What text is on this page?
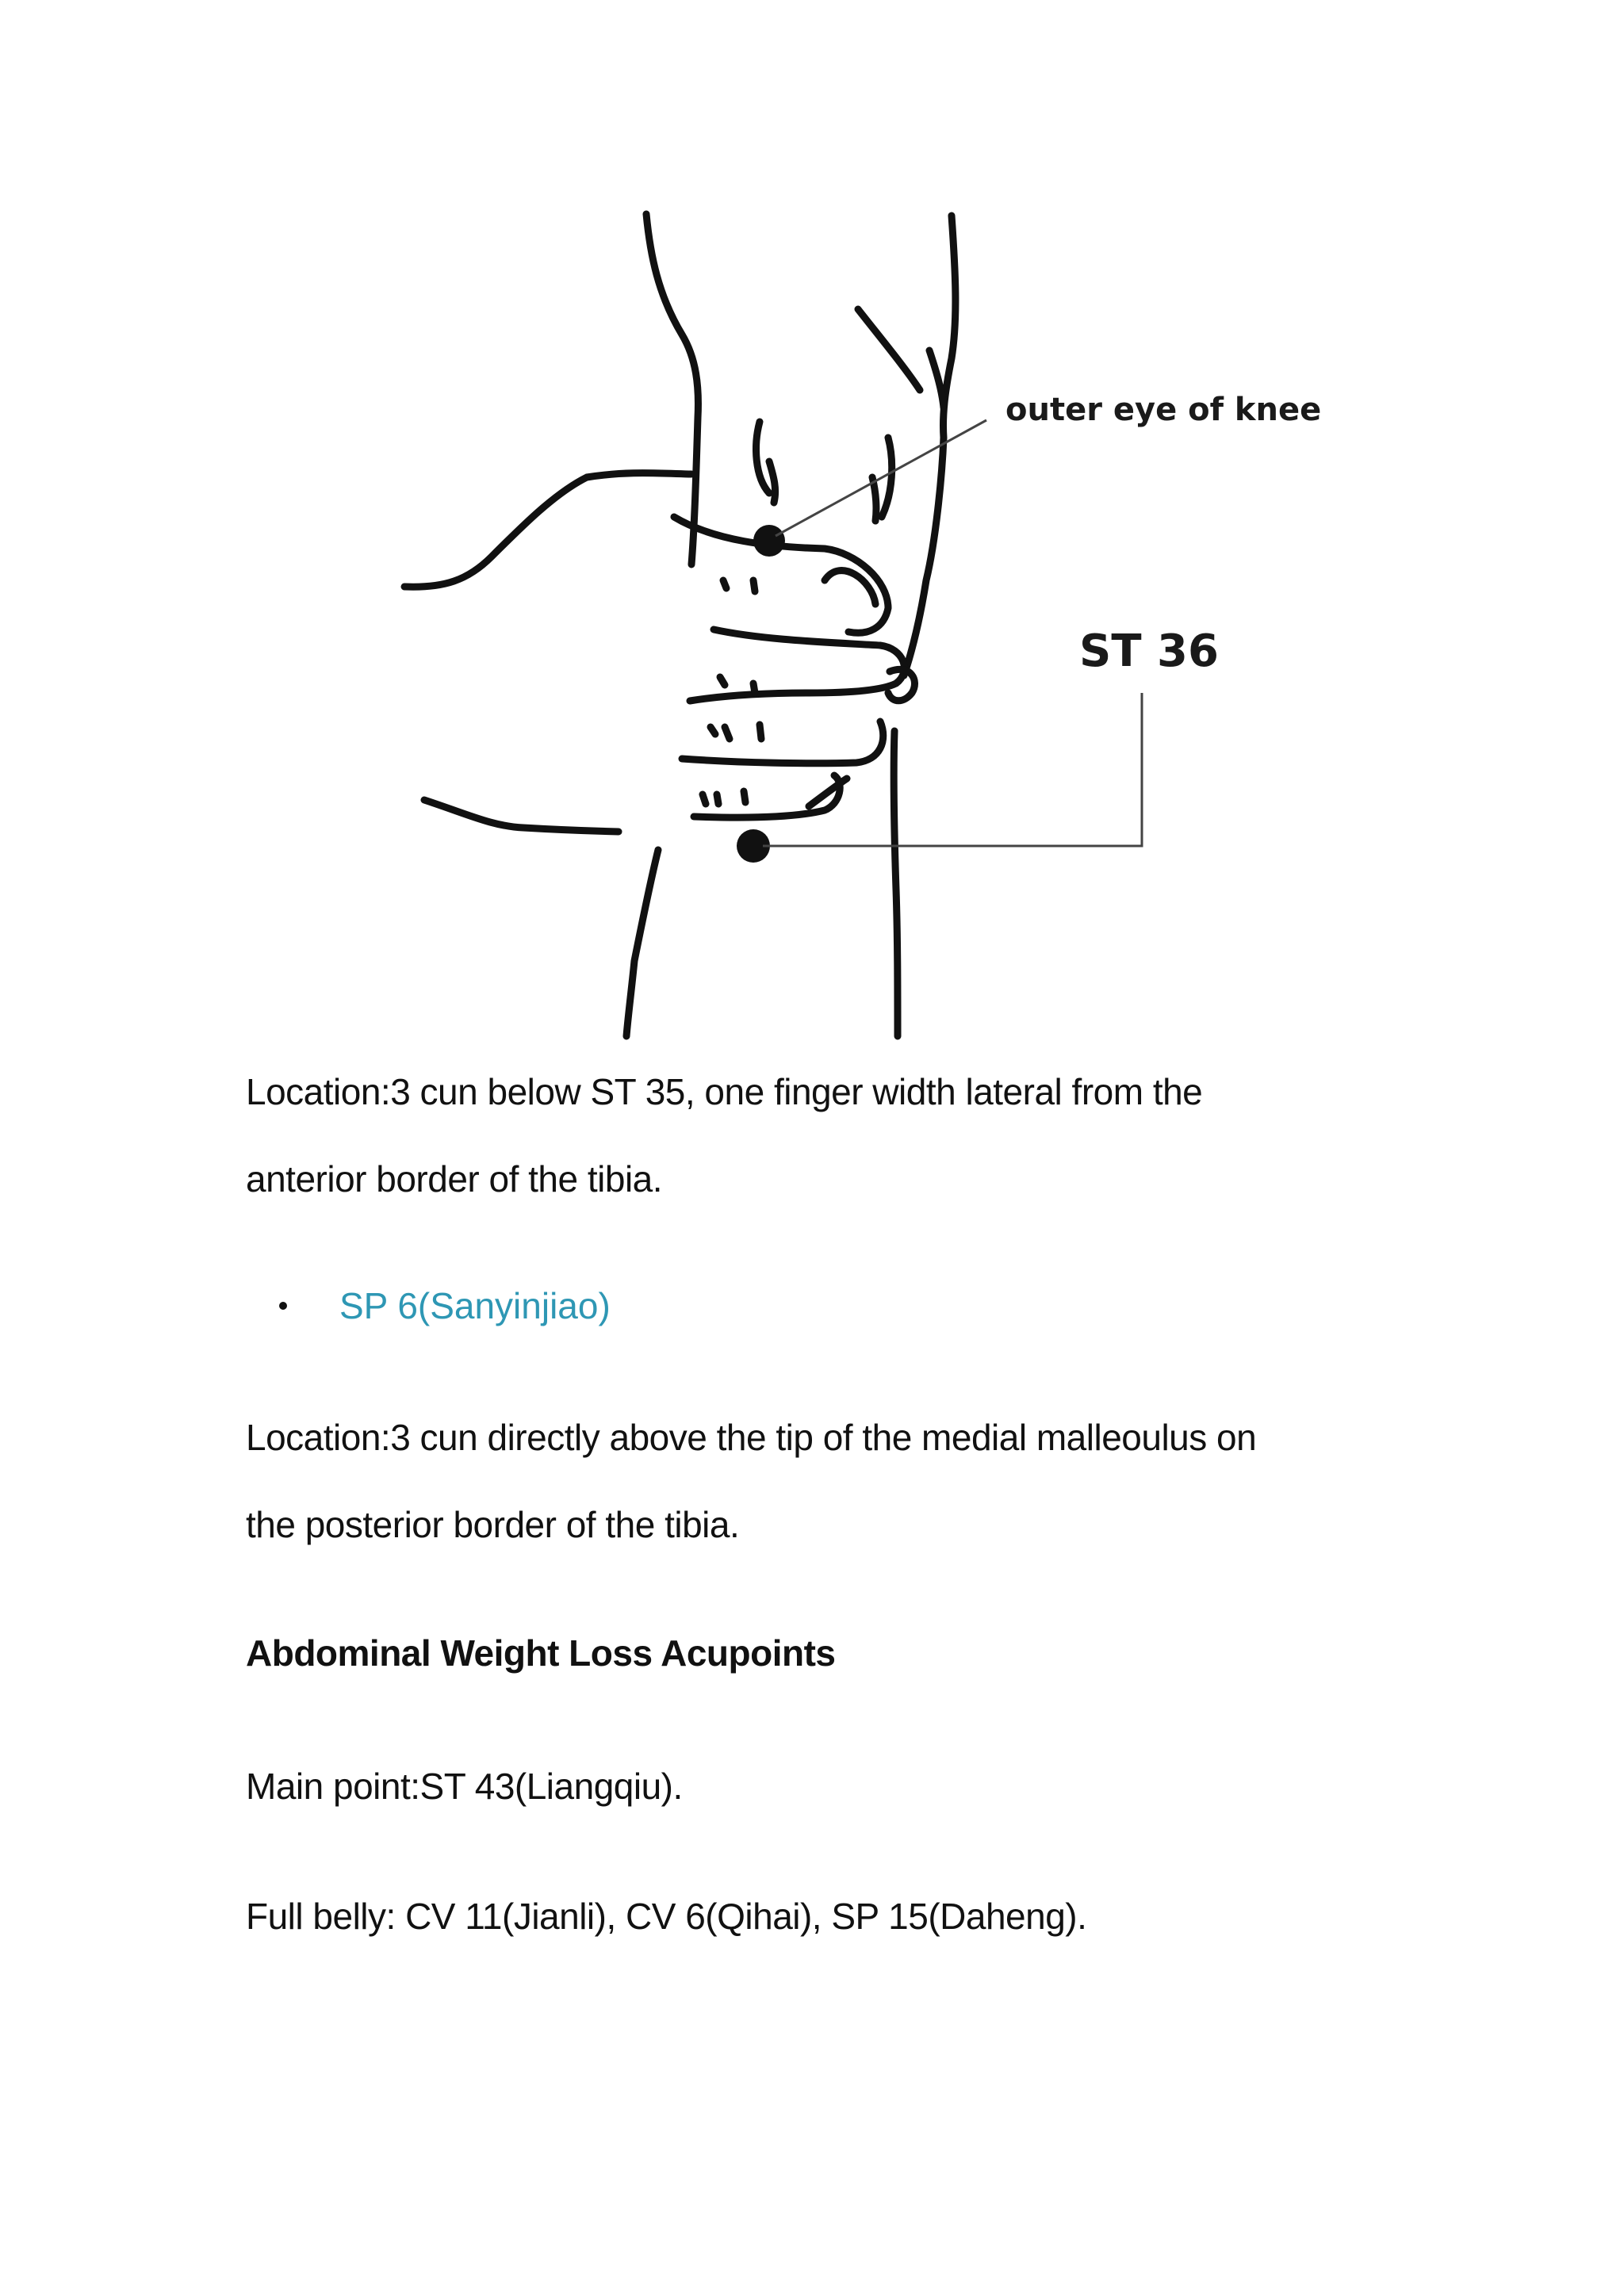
outer eye of knee
ST 36

Location:3 cun below ST 35, one finger width lateral from the
anterior border of the tibia.

SP 6(Sanyinjiao)

Location:3 cun directly above the tip of the medial malleoulus on
the posterior border of the tibia.

Abdominal Weight Loss Acupoints

Main point:ST 43(Liangqiu).

Full belly: CV 11(Jianli), CV 6(Qihai), SP 15(Daheng).
